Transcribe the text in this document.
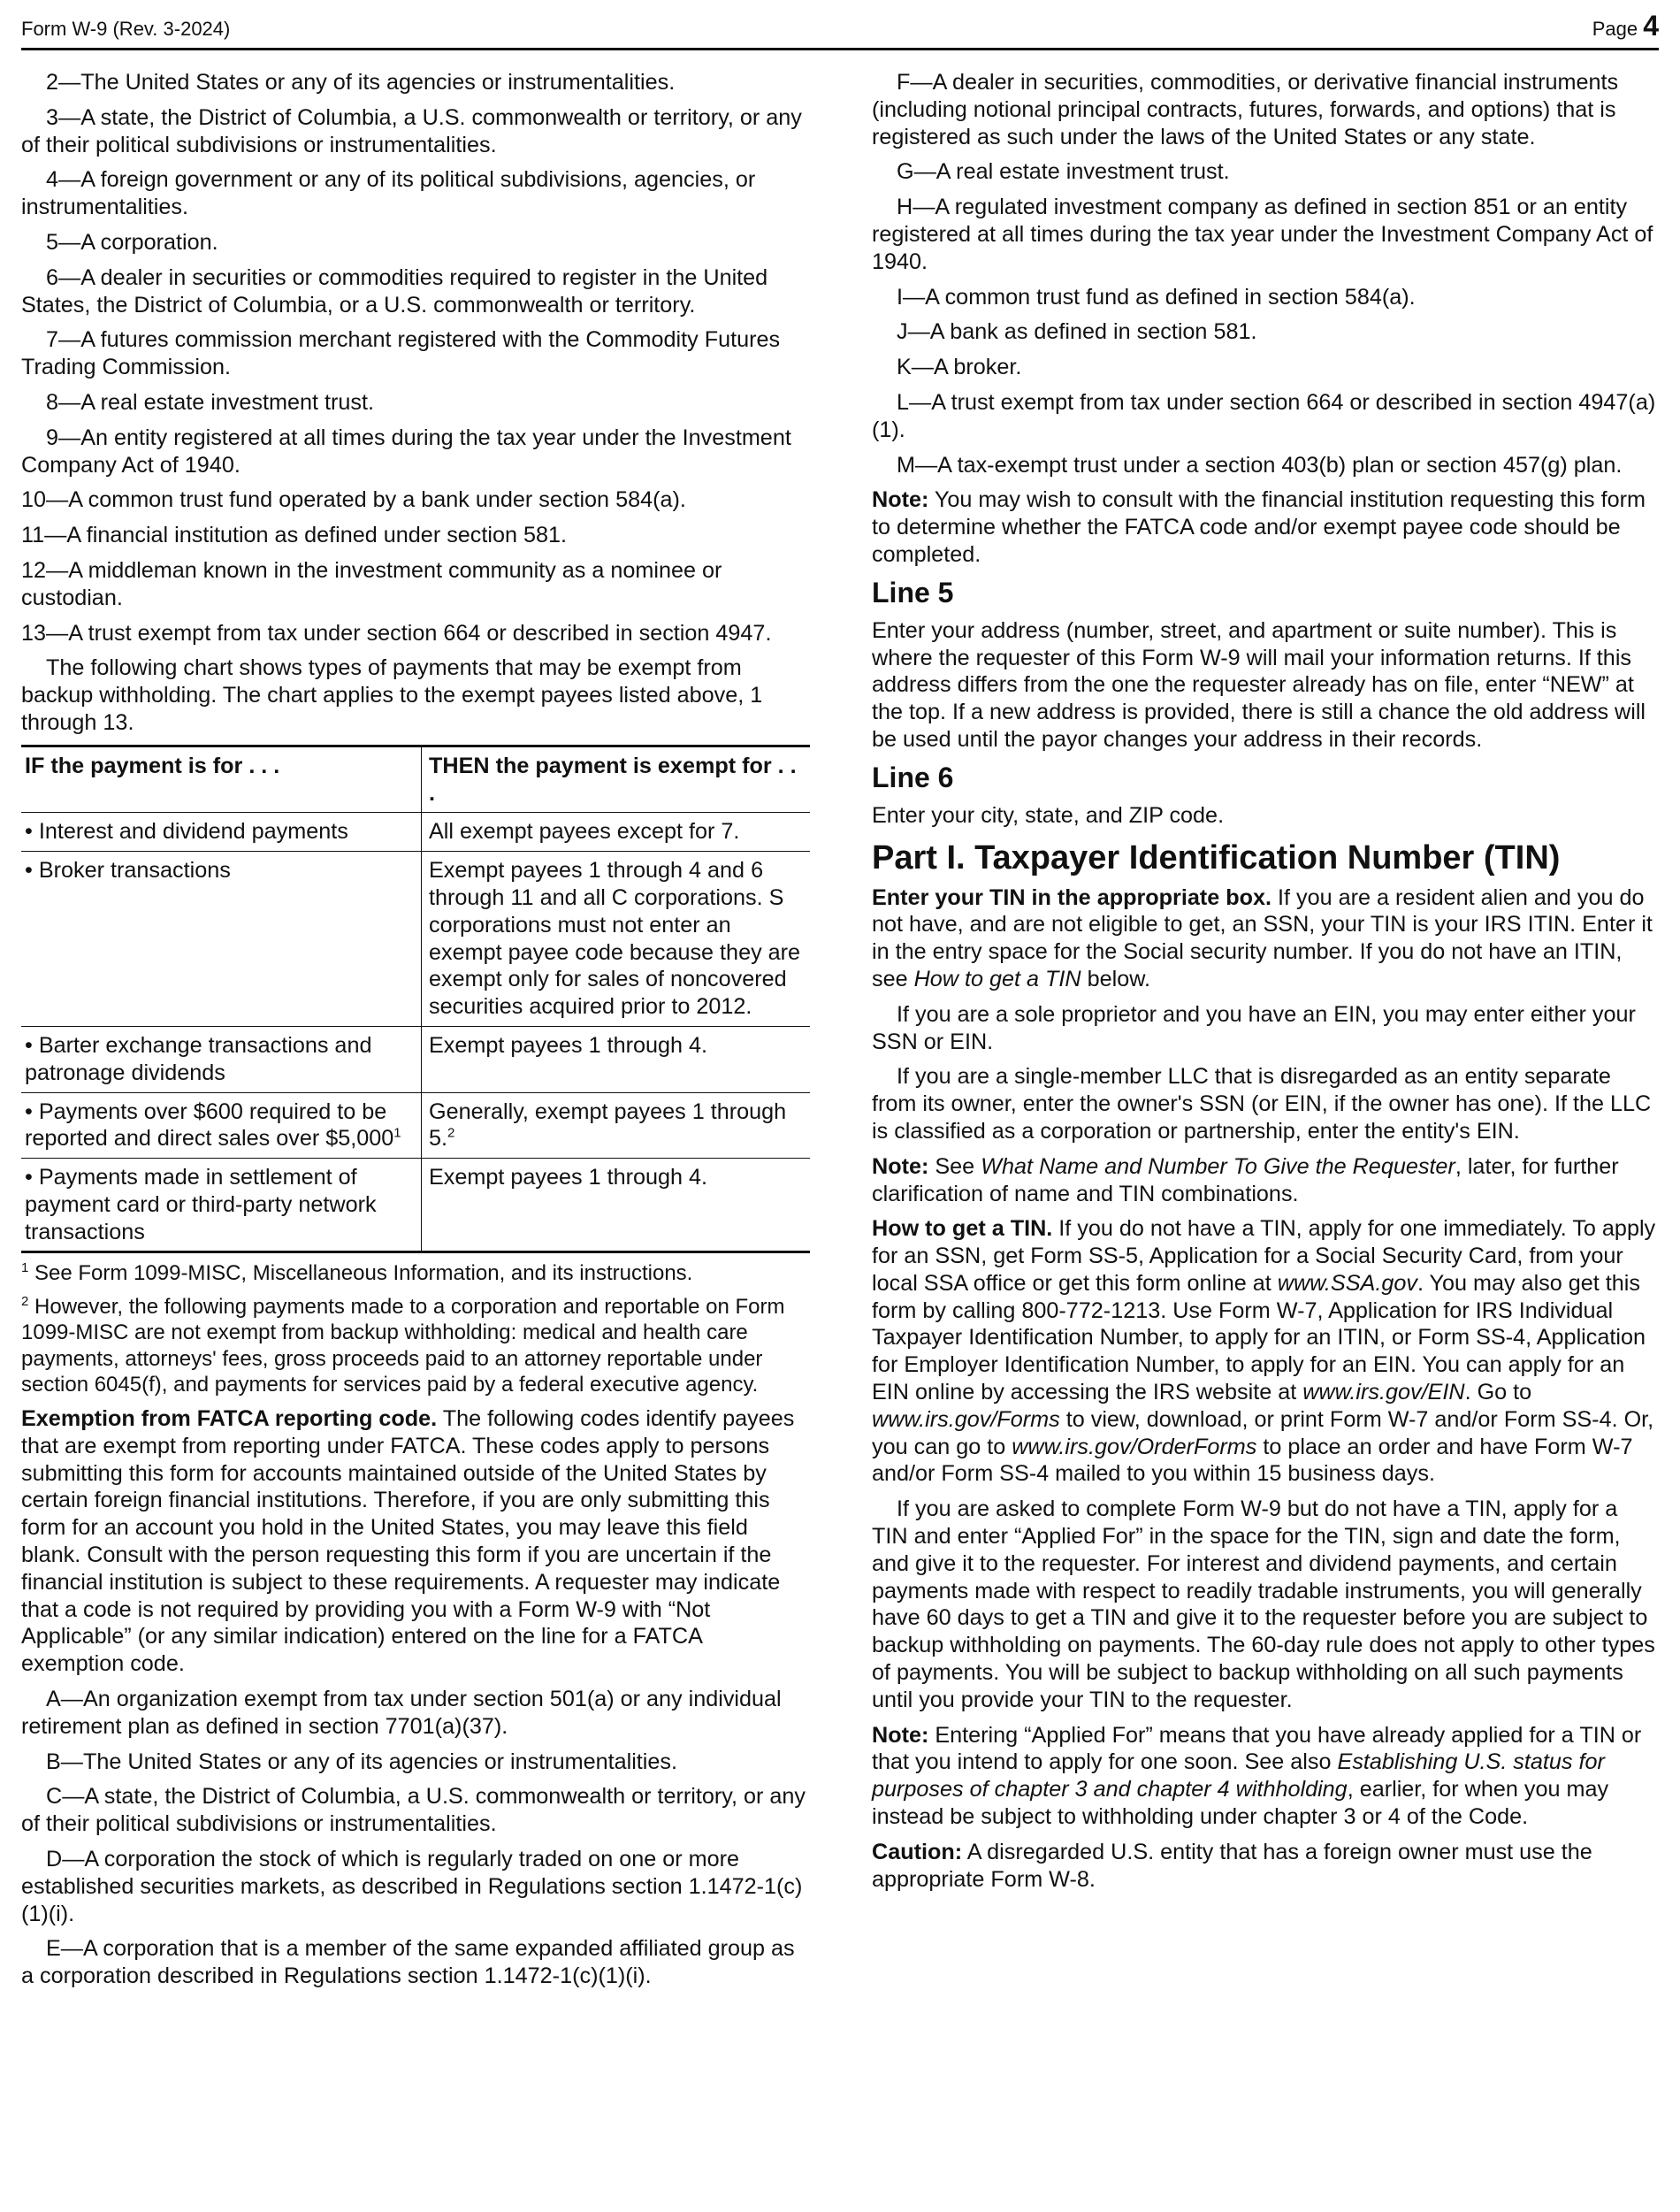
Form W-9 (Rev. 3-2024)	Page 4

2—The United States or any of its agencies or instrumentalities.

3—A state, the District of Columbia, a U.S. commonwealth or territory, or any of their political subdivisions or instrumentalities.

4—A foreign government or any of its political subdivisions, agencies, or instrumentalities.

5—A corporation.

6—A dealer in securities or commodities required to register in the United States, the District of Columbia, or a U.S. commonwealth or territory.

7—A futures commission merchant registered with the Commodity Futures Trading Commission.

8—A real estate investment trust.

9—An entity registered at all times during the tax year under the Investment Company Act of 1940.

10—A common trust fund operated by a bank under section 584(a).

11—A financial institution as defined under section 581.

12—A middleman known in the investment community as a nominee or custodian.

13—A trust exempt from tax under section 664 or described in section 4947.

The following chart shows types of payments that may be exempt from backup withholding. The chart applies to the exempt payees listed above, 1 through 13.

IF the payment is for . . .	THEN the payment is exempt for . . .
• Interest and dividend payments	All exempt payees except for 7.
• Broker transactions	Exempt payees 1 through 4 and 6 through 11 and all C corporations. S corporations must not enter an exempt payee code because they are exempt only for sales of noncovered securities acquired prior to 2012.
• Barter exchange transactions and patronage dividends	Exempt payees 1 through 4.
• Payments over $600 required to be reported and direct sales over $5,000$^1$	Generally, exempt payees 1 through 5.$^2$
• Payments made in settlement of payment card or third-party network transactions	Exempt payees 1 through 4.

$^1$ See Form 1099-MISC, Miscellaneous Information, and its instructions.

$^2$ However, the following payments made to a corporation and reportable on Form 1099-MISC are not exempt from backup withholding: medical and health care payments, attorneys' fees, gross proceeds paid to an attorney reportable under section 6045(f), and payments for services paid by a federal executive agency.

Exemption from FATCA reporting code. The following codes identify payees that are exempt from reporting under FATCA. These codes apply to persons submitting this form for accounts maintained outside of the United States by certain foreign financial institutions. Therefore, if you are only submitting this form for an account you hold in the United States, you may leave this field blank. Consult with the person requesting this form if you are uncertain if the financial institution is subject to these requirements. A requester may indicate that a code is not required by providing you with a Form W-9 with “Not Applicable” (or any similar indication) entered on the line for a FATCA exemption code.

A—An organization exempt from tax under section 501(a) or any individual retirement plan as defined in section 7701(a)(37).

B—The United States or any of its agencies or instrumentalities.

C—A state, the District of Columbia, a U.S. commonwealth or territory, or any of their political subdivisions or instrumentalities.

D—A corporation the stock of which is regularly traded on one or more established securities markets, as described in Regulations section 1.1472-1(c)(1)(i).

E—A corporation that is a member of the same expanded affiliated group as a corporation described in Regulations section 1.1472-1(c)(1)(i).

F—A dealer in securities, commodities, or derivative financial instruments (including notional principal contracts, futures, forwards, and options) that is registered as such under the laws of the United States or any state.

G—A real estate investment trust.

H—A regulated investment company as defined in section 851 or an entity registered at all times during the tax year under the Investment Company Act of 1940.

I—A common trust fund as defined in section 584(a).

J—A bank as defined in section 581.

K—A broker.

L—A trust exempt from tax under section 664 or described in section 4947(a)(1).

M—A tax-exempt trust under a section 403(b) plan or section 457(g) plan.

Note: You may wish to consult with the financial institution requesting this form to determine whether the FATCA code and/or exempt payee code should be completed.

Line 5

Enter your address (number, street, and apartment or suite number). This is where the requester of this Form W-9 will mail your information returns. If this address differs from the one the requester already has on file, enter “NEW” at the top. If a new address is provided, there is still a chance the old address will be used until the payor changes your address in their records.

Line 6

Enter your city, state, and ZIP code.

Part I. Taxpayer Identification Number (TIN)

Enter your TIN in the appropriate box. If you are a resident alien and you do not have, and are not eligible to get, an SSN, your TIN is your IRS ITIN. Enter it in the entry space for the Social security number. If you do not have an ITIN, see How to get a TIN below.

If you are a sole proprietor and you have an EIN, you may enter either your SSN or EIN.

If you are a single-member LLC that is disregarded as an entity separate from its owner, enter the owner's SSN (or EIN, if the owner has one). If the LLC is classified as a corporation or partnership, enter the entity's EIN.

Note: See What Name and Number To Give the Requester, later, for further clarification of name and TIN combinations.

How to get a TIN. If you do not have a TIN, apply for one immediately. To apply for an SSN, get Form SS-5, Application for a Social Security Card, from your local SSA office or get this form online at www.SSA.gov. You may also get this form by calling 800-772-1213. Use Form W-7, Application for IRS Individual Taxpayer Identification Number, to apply for an ITIN, or Form SS-4, Application for Employer Identification Number, to apply for an EIN. You can apply for an EIN online by accessing the IRS website at www.irs.gov/EIN. Go to www.irs.gov/Forms to view, download, or print Form W-7 and/or Form SS-4. Or, you can go to www.irs.gov/OrderForms to place an order and have Form W-7 and/or Form SS-4 mailed to you within 15 business days.

If you are asked to complete Form W-9 but do not have a TIN, apply for a TIN and enter “Applied For” in the space for the TIN, sign and date the form, and give it to the requester. For interest and dividend payments, and certain payments made with respect to readily tradable instruments, you will generally have 60 days to get a TIN and give it to the requester before you are subject to backup withholding on payments. The 60-day rule does not apply to other types of payments. You will be subject to backup withholding on all such payments until you provide your TIN to the requester.

Note: Entering “Applied For” means that you have already applied for a TIN or that you intend to apply for one soon. See also Establishing U.S. status for purposes of chapter 3 and chapter 4 withholding, earlier, for when you may instead be subject to withholding under chapter 3 or 4 of the Code.

Caution: A disregarded U.S. entity that has a foreign owner must use the appropriate Form W-8.
